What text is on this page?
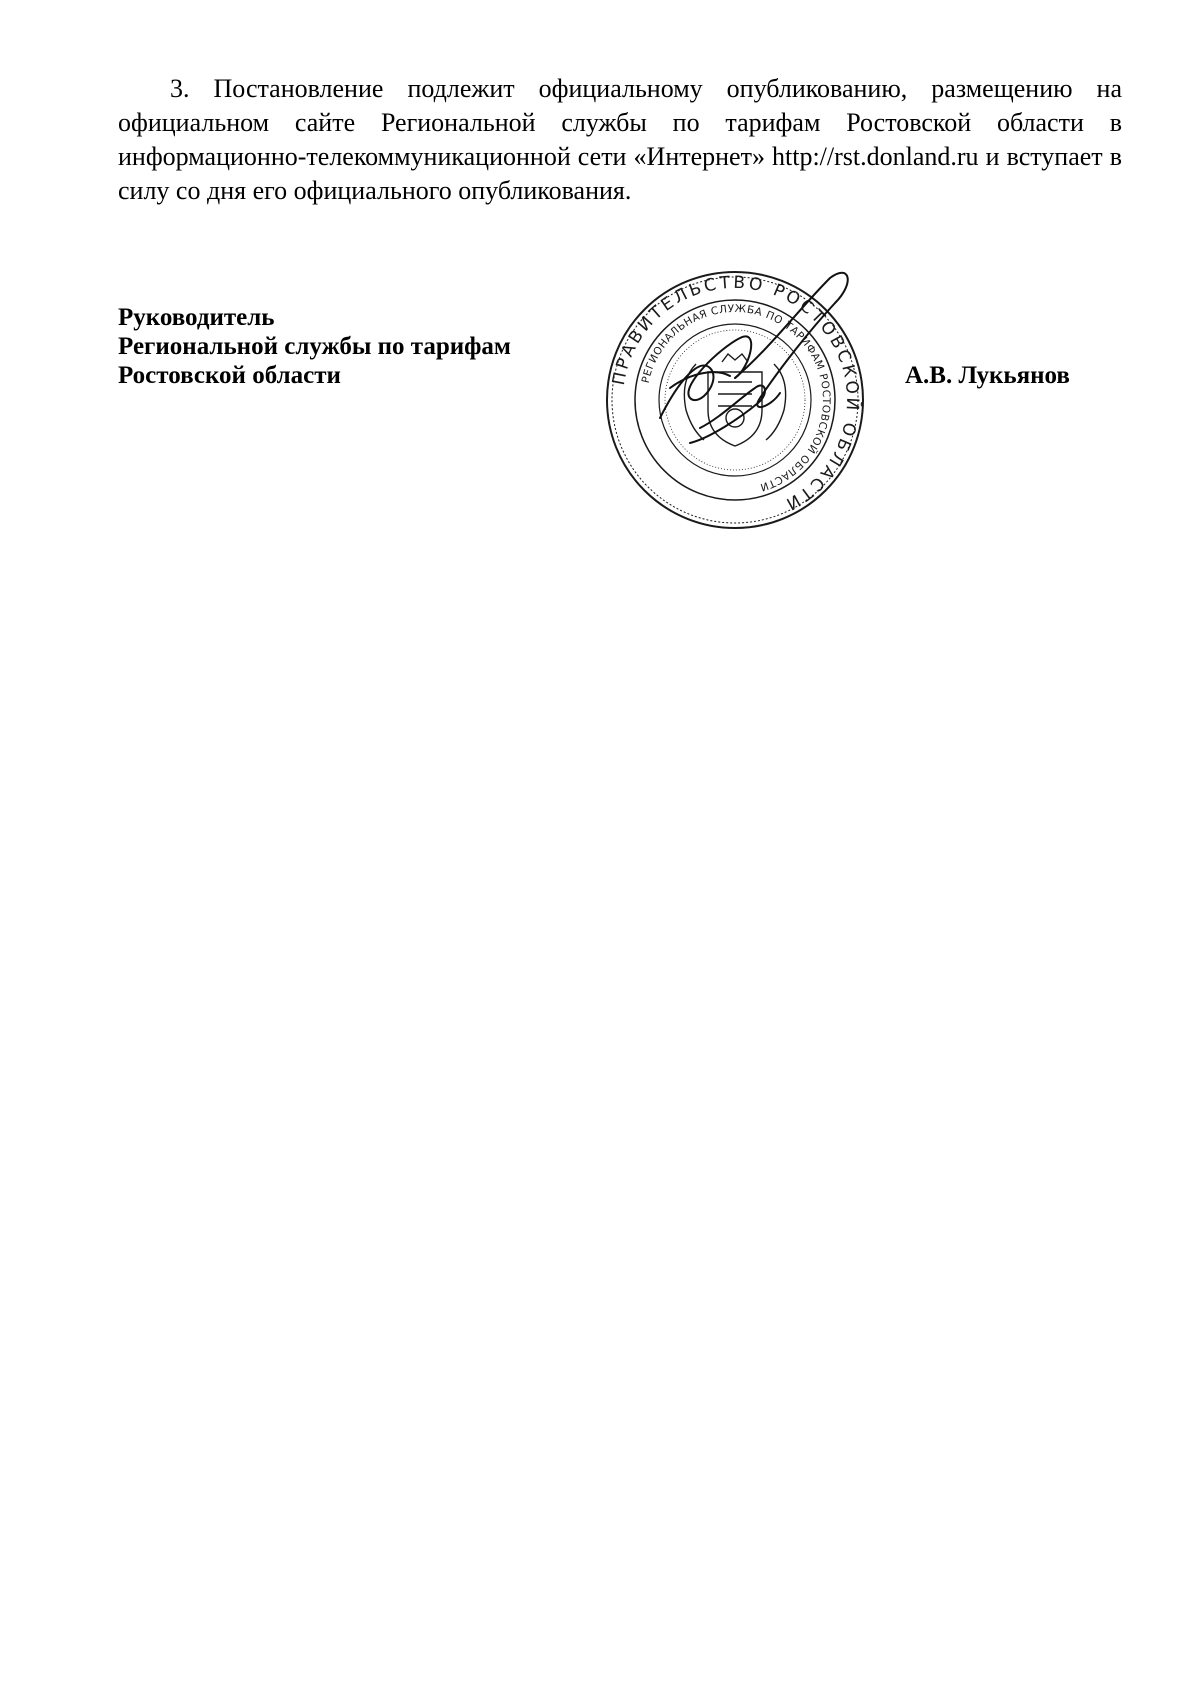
3. Постановление подлежит официальному опубликованию, размещению на официальном сайте Региональной службы по тарифам Ростовской области в информационно-телекоммуникационной сети «Интернет» http://rst.donland.ru и вступает в силу со дня его официального опубликования.

Руководитель
Региональной службы по тарифам
Ростовской области	ПРАВИТЕЛЬСТВО РОСТОВСКОЙ ОБЛАСТИ
РЕГИОНАЛЬНАЯ СЛУЖБА ПО ТАРИФАМ РОСТОВСКОЙ ОБЛАСТИ
А.В. Лукьянов
